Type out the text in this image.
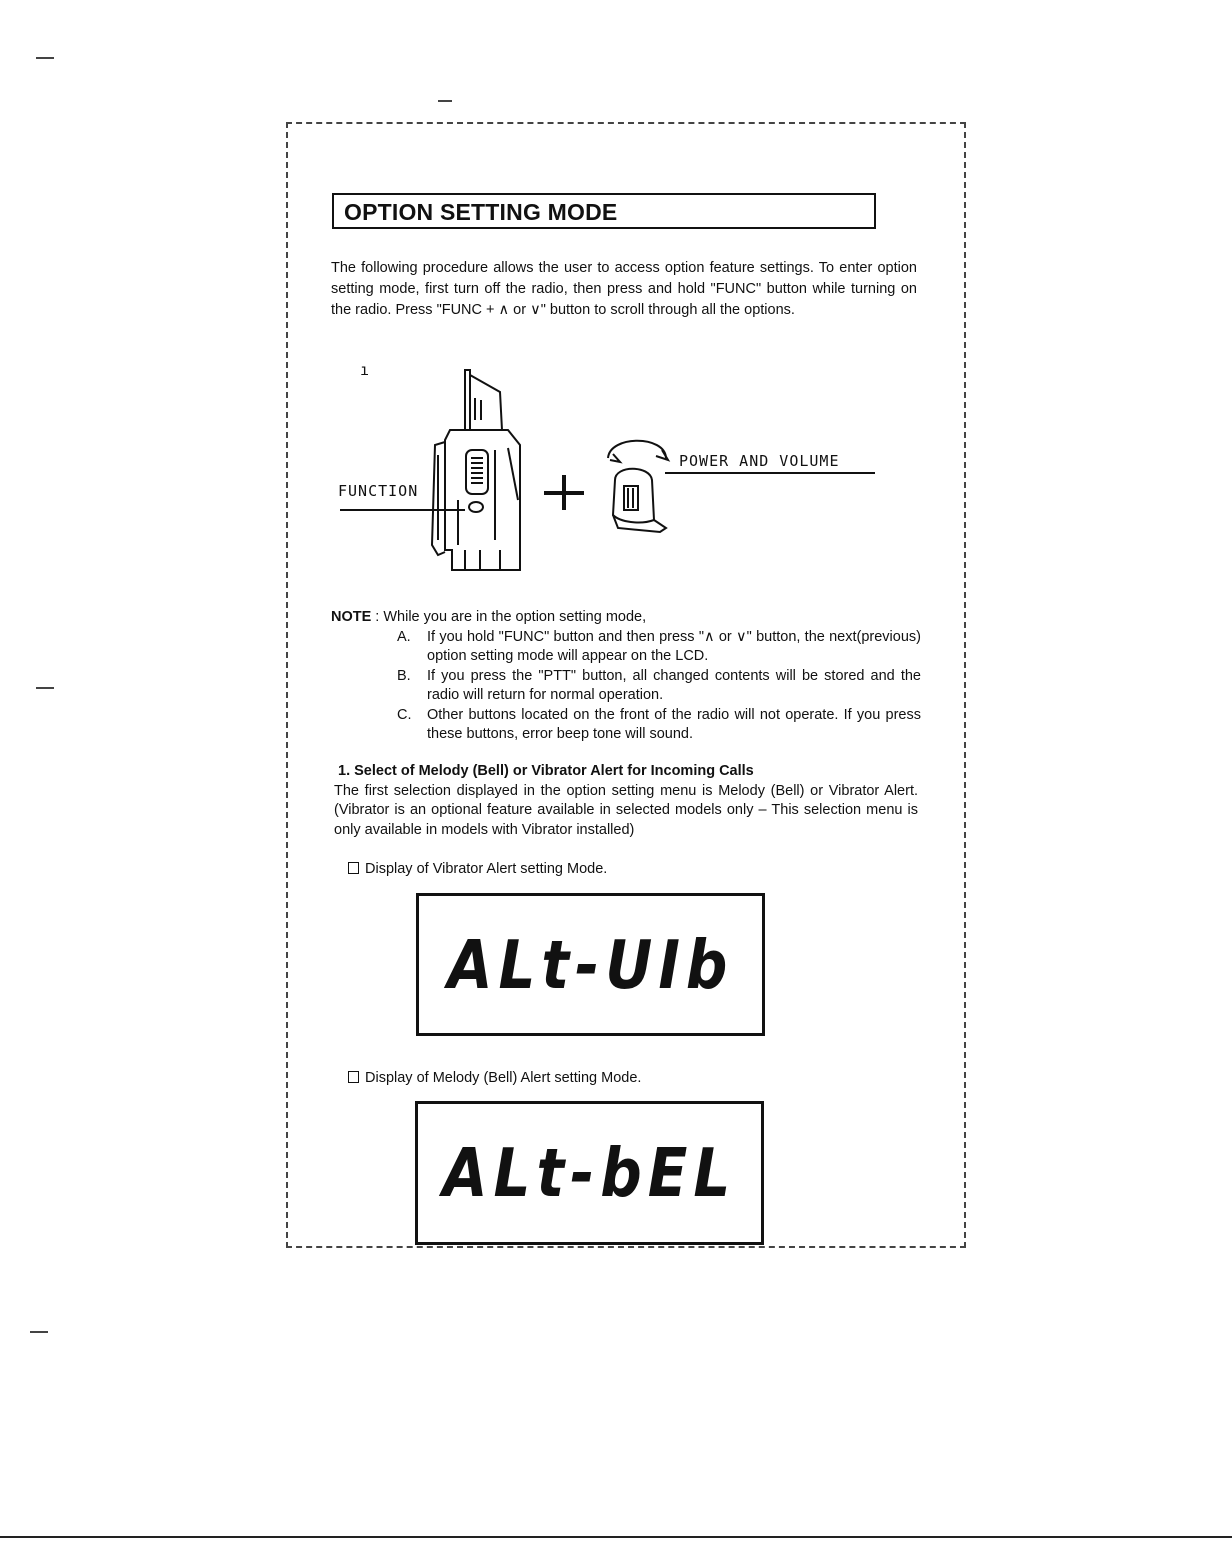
OPTION SETTING MODE
The following procedure allows the user to access option feature settings. To enter option setting mode, first turn off the radio, then press and hold "FUNC" button while turning on the radio. Press "FUNC + ∧ or ∨" button to scroll through all the options.
ı
FUNCTION
POWER AND VOLUME
NOTE : While you are in the option setting mode,
A. If you hold "FUNC" button and then press "∧ or ∨" button, the next(previous) option setting mode will appear on the LCD.
B. If you press the "PTT" button, all changed contents will be stored and the radio will return for normal operation.
C. Other buttons located on the front of the radio will not operate. If you press these buttons, error beep tone will sound.
1. Select of Melody (Bell) or Vibrator Alert for Incoming Calls
The first selection displayed in the option setting menu is Melody (Bell) or Vibrator Alert. (Vibrator is an optional feature available in selected models only – This selection menu is only available in models with Vibrator installed)
Display of Vibrator Alert setting Mode.
ALt-UIb
Display of Melody (Bell) Alert setting Mode.
ALt-bEL
